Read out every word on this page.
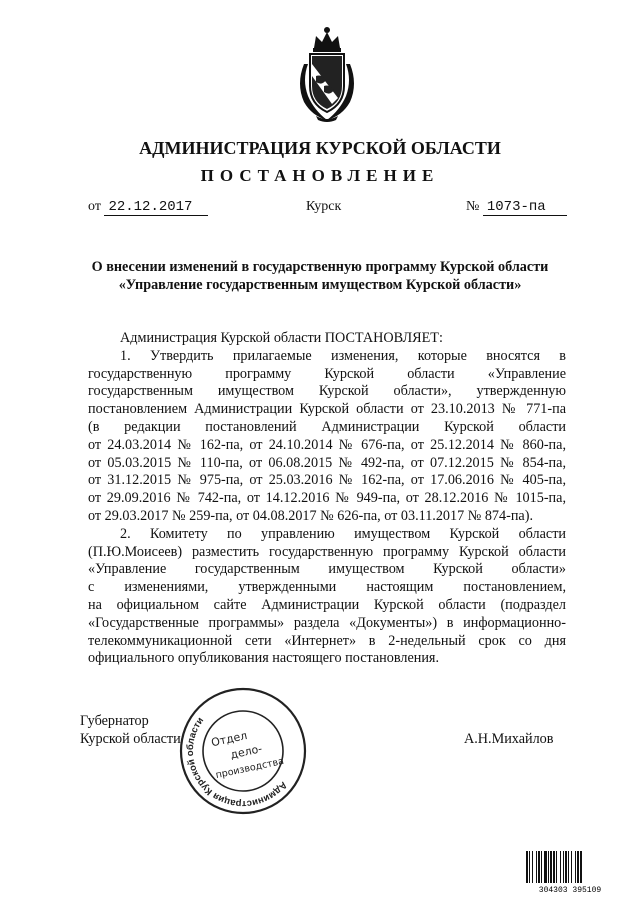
АДМИНИСТРАЦИЯ КУРСКОЙ ОБЛАСТИ
ПОСТАНОВЛЕНИЕ
от 22.12.2017	Курск	№ 1073-па
О внесении изменений в государственную программу Курской области
«Управление государственным имуществом Курской области»

Администрация Курской области ПОСТАНОВЛЯЕТ:

1. Утвердить прилагаемые изменения, которые вносятся в

государственную программу Курской области «Управление

государственным имуществом Курской области», утвержденную

постановлением Администрации Курской области от 23.10.2013 № 771-па

(в редакции постановлений Администрации Курской области

от 24.03.2014 № 162-па, от 24.10.2014 № 676-па, от 25.12.2014 № 860-па,

от 05.03.2015 № 110-па, от 06.08.2015 № 492-па, от 07.12.2015 № 854-па,

от 31.12.2015 № 975-па, от 25.03.2016 № 162-па, от 17.06.2016 № 405-па,

от 29.09.2016 № 742-па, от 14.12.2016 № 949-па, от 28.12.2016 № 1015-па,

от 29.03.2017 № 259-па, от 04.08.2017 № 626-па, от 03.11.2017 № 874-па).

2. Комитету по управлению имуществом Курской области

(П.Ю.Моисеев) разместить государственную программу Курской области

«Управление государственным имуществом Курской области»

с изменениями, утвержденными настоящим постановлением,

на официальном сайте Администрации Курской области (подраздел

«Государственные программы» раздела «Документы») в информационно-

телекоммуникационной сети «Интернет» в 2-недельный срок со дня

официального опубликования настоящего постановления.

Губернатор
Курской области	А.Н.Михайлов
Администрация Курской области
Отдел
дело-
производства
304303 395109
